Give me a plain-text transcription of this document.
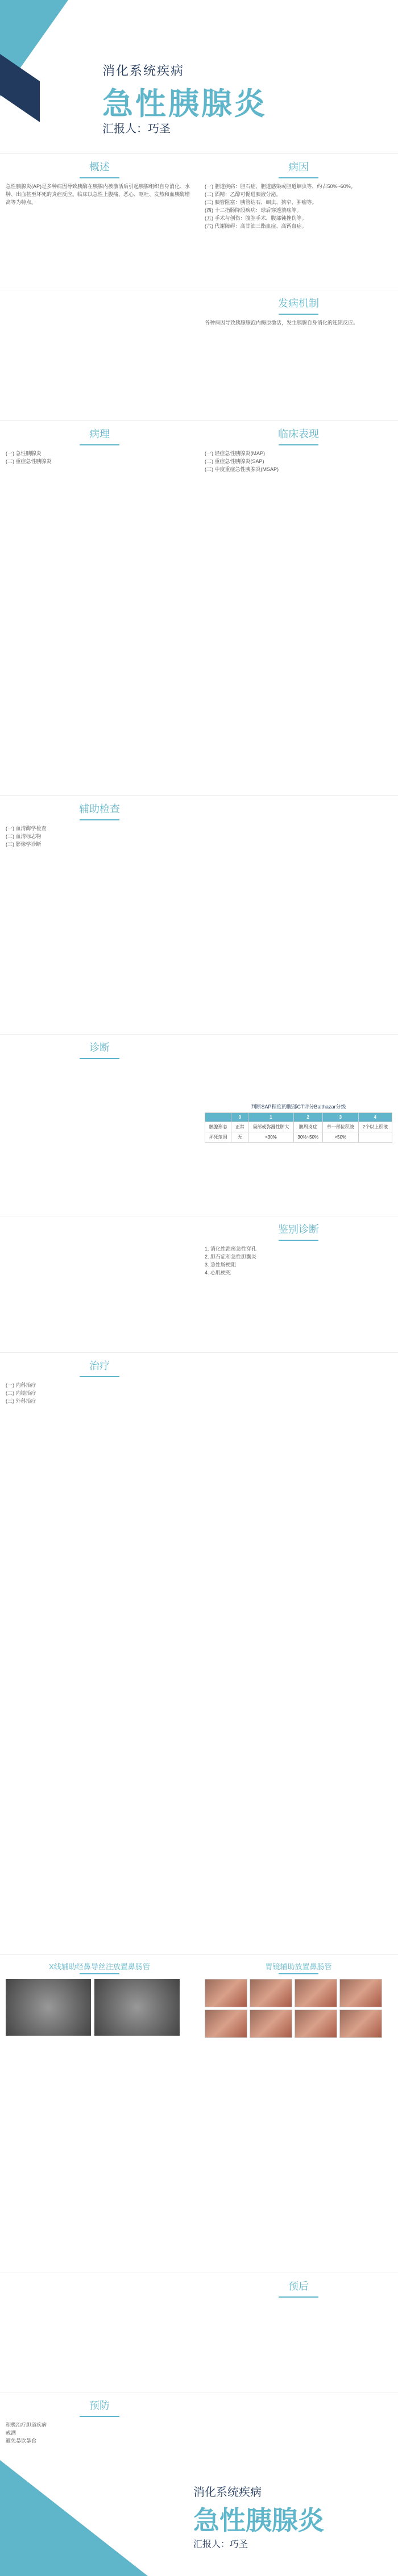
消化系统疾病
急性胰腺炎
汇报人：巧圣
概述
急性胰腺炎(AP)是多种病因导致胰酶在胰腺内被激活后引起胰腺组织自身消化、水肿、出血甚至坏死的炎症反应。临床以急性上腹痛、恶心、呕吐、发热和血胰酶增高等为特点。
病因
(一) 胆道疾病：胆石症、胆道感染或胆道蛔虫等，约占50%~60%。
(二) 酒精：乙醇可促进胰液分泌。
(三) 胰管阻塞：胰管结石、蛔虫、狭窄、肿瘤等。
(四) 十二指肠降段疾病：球后穿透溃疡等。
(五) 手术与创伤：腹腔手术、腹部钝挫伤等。
(六) 代谢障碍：高甘油三酯血症、高钙血症。
发病机制
各种病因导致胰腺腺泡内酶原激活，发生胰腺自身消化的连锁反应。
病理
(一) 急性胰腺炎
(二) 重症急性胰腺炎
临床表现
(一) 轻症急性胰腺炎(MAP)
(二) 重症急性胰腺炎(SAP)
(三) 中度重症急性胰腺炎(MSAP)
辅助检查
(一) 血清酶学检查
(二) 血清标志物
(三) 影像学诊断
诊断
判断SAP程度的腹部CT评分Balthazar分级
	0	1	2	3	4
胰腺形态	正常	局部或弥漫性肿大	胰周炎症	单一部位积液	2个以上积液
坏死范围	无	<30%	30%~50%	>50%	
鉴别诊断
1. 消化性溃疡急性穿孔
2. 胆石症和急性胆囊炎
3. 急性肠梗阻
4. 心肌梗死
治疗
(一) 内科治疗
(二) 内镜治疗
(三) 外科治疗
X线辅助经鼻导丝注放置鼻肠管	胃镜辅助放置鼻肠管
预后
预防
积极治疗胆道疾病
戒酒
避免暴饮暴食
消化系统疾病
急性胰腺炎
汇报人：巧圣
